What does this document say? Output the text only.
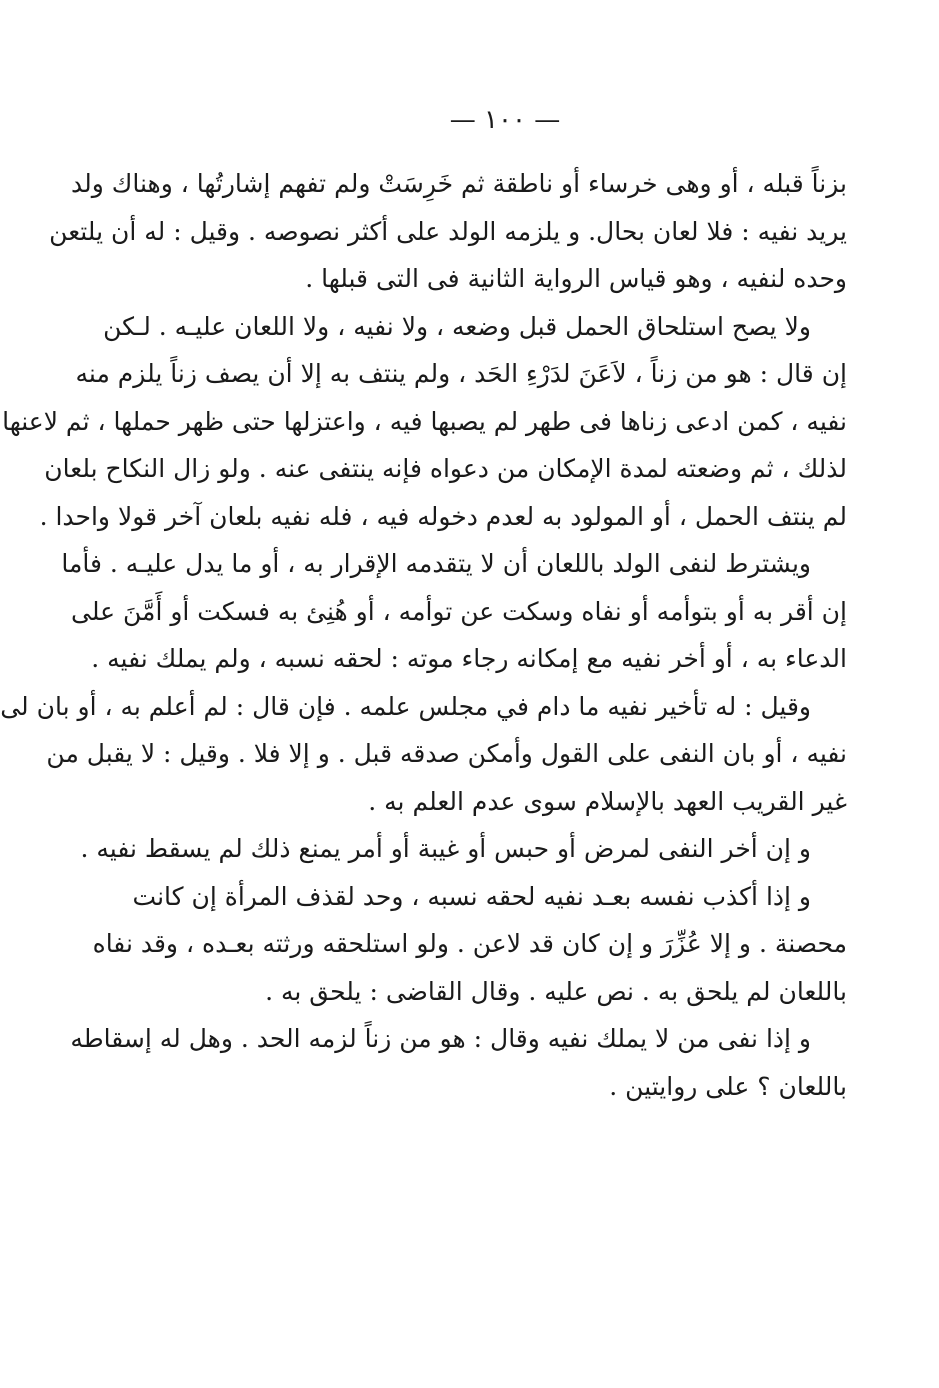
— ١٠٠ —

بزناً قبله ، أو وهى خرساء أو ناطقة ثم خَرِسَتْ ولم تفهم إشارتُها ، وهناك ولد
يريد نفيه : فلا لعان بحال. و يلزمه الولد على أكثر نصوصه . وقيل : له أن يلتعن
وحده لنفيه ، وهو قياس الرواية الثانية فى التى قبلها .

ولا يصح استلحاق الحمل قبل وضعه ، ولا نفيه ، ولا اللعان عليـه . لـكن
إن قال : هو من زناً ، لاَعَنَ لدَرْءِ الحَد ، ولم ينتف به إلا أن يصف زناً يلزم منه
نفيه ، كمن ادعى زناها فى طهر لم يصبها فيه ، واعتزلها حتى ظهر حملها ، ثم لاعنها
لذلك ، ثم وضعته لمدة الإمكان من دعواه فإنه ينتفى عنه . ولو زال النكاح بلعان
لم ينتف الحمل ، أو المولود به لعدم دخوله فيه ، فله نفيه بلعان آخر قولا واحدا .

ويشترط لنفى الولد باللعان أن لا يتقدمه الإقرار به ، أو ما يدل عليـه . فأما
إن أقر به أو بتوأمه أو نفاه وسكت عن توأمه ، أو هُنِئ به فسكت أو أَمَّنَ على
الدعاء به ، أو أخر نفيه مع إمكانه رجاء موته : لحقه نسبه ، ولم يملك نفيه .

وقيل : له تأخير نفيه ما دام في مجلس علمه . فإن قال : لم أعلم به ، أو بان لى
نفيه ، أو بان النفى على القول وأمكن صدقه قبل . و إلا فلا . وقيل : لا يقبل من
غير القريب العهد بالإسلام سوى عدم العلم به .

و إن أخر النفى لمرض أو حبس أو غيبة أو أمر يمنع ذلك لم يسقط نفيه .

و إذا أكذب نفسه بعـد نفيه لحقه نسبه ، وحد لقذف المرأة إن كانت
محصنة . و إلا عُزِّرَ و إن كان قد لاعن . ولو استلحقه ورثته بعـده ، وقد نفاه
باللعان لم يلحق به . نص عليه . وقال القاضى : يلحق به .

و إذا نفى من لا يملك نفيه وقال : هو من زناً لزمه الحد . وهل له إسقاطه
باللعان ؟ على روايتين .
